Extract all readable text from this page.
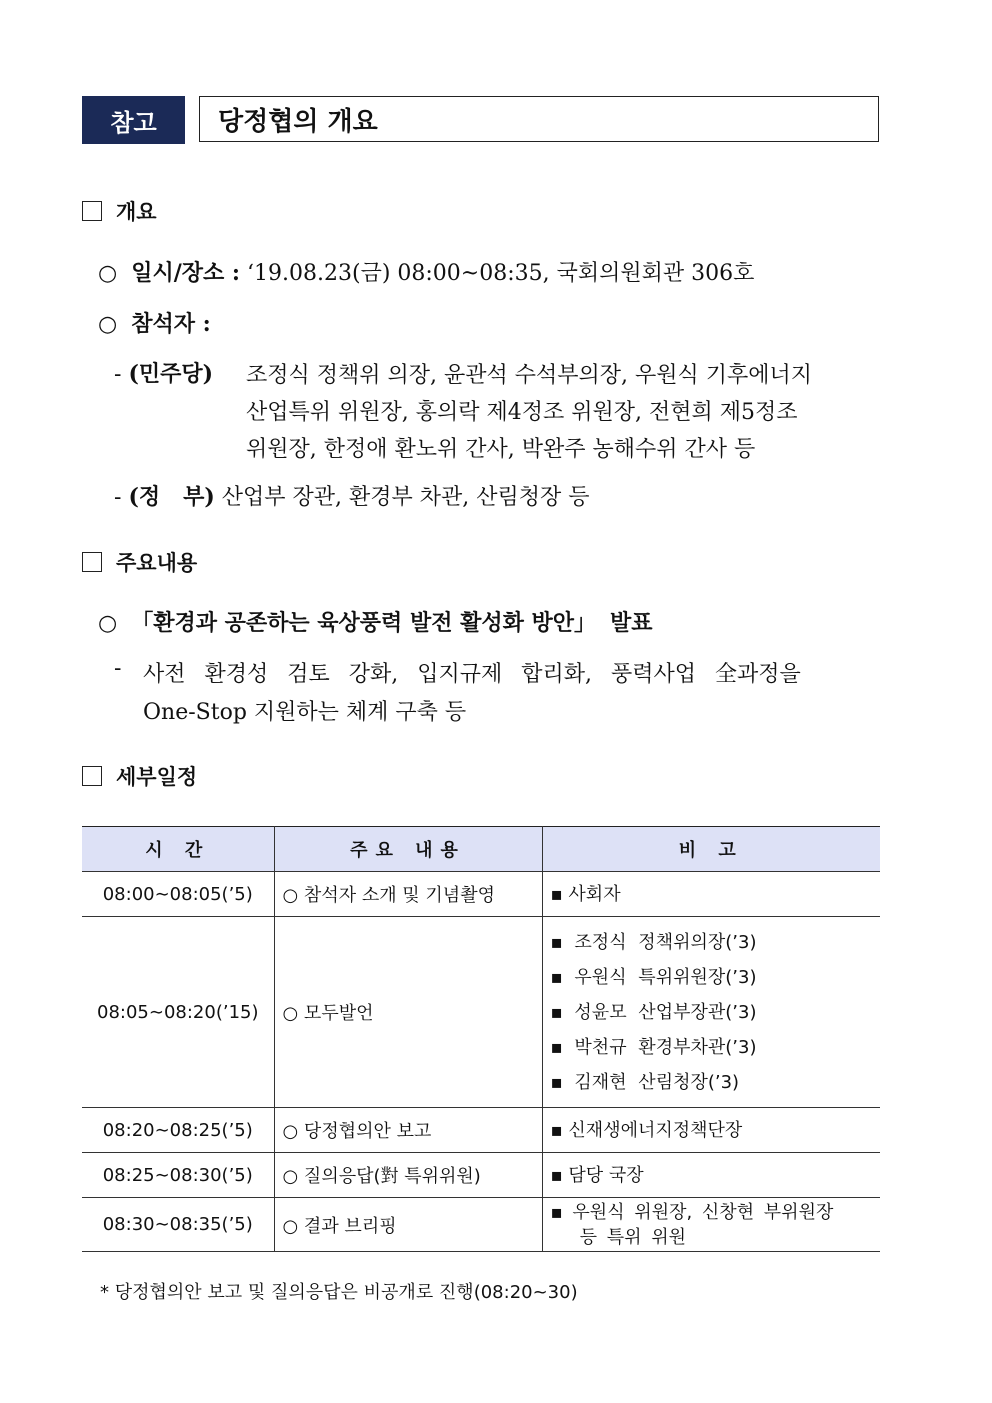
참고	당정협의 개요
개요
○ 일시/장소 : ‘19.08.23(금) 08:00~08:35, 국회의원회관 306호
○ 참석자 :
- (민주당) 조정식 정책위 의장, 윤관석 수석부의장, 우원식 기후에너지
산업특위 위원장, 홍의락 제4정조 위원장, 전현희 제5정조
위원장, 한정애 환노위 간사, 박완주 농해수위 간사 등
- (정   부) 산업부 장관, 환경부 차관, 산림청장 등
주요내용
○ 「환경과 공존하는 육상풍력 발전 활성화 방안」 발표
- 사전 환경성 검토 강화, 입지규제 합리화, 풍력사업 全과정을
One-Stop 지원하는 체계 구축 등
세부일정
시 간	주요 내용	비 고
08:00∼08:05(’5)	○ 참석자 소개 및 기념촬영	▪ 사회자

08:05∼08:20(’15)	○ 모두발언	▪ 조정식 정책위의장(’3)
▪ 우원식 특위위원장(’3)
▪ 성윤모 산업부장관(’3)
▪ 박천규 환경부차관(’3)
▪ 김재현 산림청장(’3)

08:20∼08:25(’5)	○ 당정협의안 보고	▪ 신재생에너지정책단장

08:25∼08:30(’5)	○ 질의응답(對 특위위원)	▪ 담당 국장

08:30∼08:35(’5)	○ 결과 브리핑	▪ 우원식 위원장, 신창현 부위원장
등 특위 위원
* 당정협의안 보고 및 질의응답은 비공개로 진행(08:20~30)
